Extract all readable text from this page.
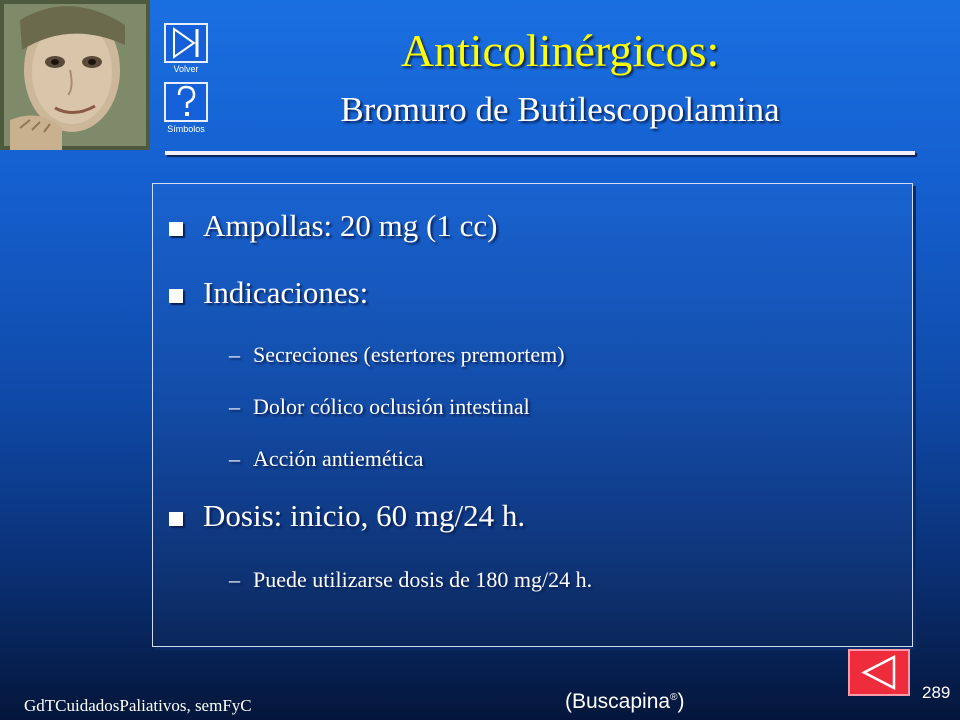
Volver
Símbolos
Anticolinérgicos:
Bromuro de Butilescopolamina
Ampollas: 20 mg (1 cc)
Indicaciones:
– Secreciones (estertores premortem)
– Dolor cólico oclusión intestinal
– Acción antiemética
Dosis: inicio, 60 mg/24 h.
– Puede utilizarse dosis de 180 mg/24 h.
GdTCuidadosPaliativos, semFyC	(Buscapina®)	289
